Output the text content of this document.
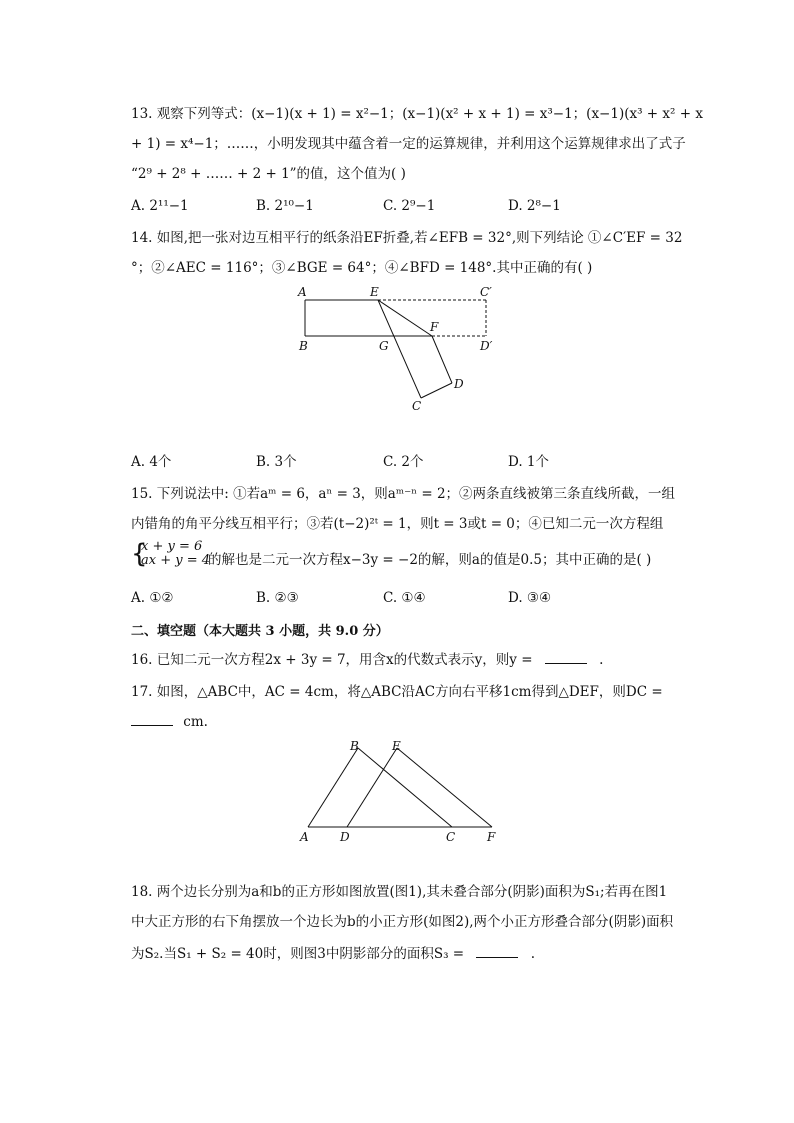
13. 观察下列等式：(x−1)(x + 1) = x²−1；(x−1)(x² + x + 1) = x³−1；(x−1)(x³ + x² + x
+ 1) = x⁴−1；……，小明发现其中蕴含着一定的运算规律，并利用这个运算规律求出了式子
“2⁹ + 2⁸ + …… + 2 + 1”的值，这个值为( )
A. 2¹¹−1	B. 2¹⁰−1	C. 2⁹−1	D. 2⁸−1
14. 如图,把一张对边互相平行的纸条沿EF折叠,若∠EFB = 32°,则下列结论 ①∠C′EF = 32
°；②∠AEC = 116°；③∠BGE = 64°；④∠BFD = 148°.其中正确的有( )
A	E	C′
F
B	G	D′
D
C
A. 4个	B. 3个	C. 2个	D. 1个
15. 下列说法中: ①若aᵐ = 6，aⁿ = 3，则aᵐ⁻ⁿ = 2；②两条直线被第三条直线所截，一组
内错角的角平分线互相平行；③若(t−2)²ᵗ = 1，则t = 3或t = 0；④已知二元一次方程组
{
x + y = 6
ax + y = 4
的解也是二元一次方程x−3y = −2的解，则a的值是0.5；其中正确的是( )
A. ①②	B. ②③	C. ①④	D. ③④
二、填空题（本大题共 3 小题，共 9.0 分）
16. 已知二元一次方程2x + 3y = 7，用含x的代数式表示y，则y =	.
17. 如图，△ABC中，AC = 4cm，将△ABC沿AC方向右平移1cm得到△DEF，则DC =
cm.
A
B
C
D
E
F
18. 两个边长分别为a和b的正方形如图放置(图1),其未叠合部分(阴影)面积为S₁;若再在图1
中大正方形的右下角摆放一个边长为b的小正方形(如图2),两个小正方形叠合部分(阴影)面积
为S₂.当S₁ + S₂ = 40时，则图3中阴影部分的面积S₃ =	.
